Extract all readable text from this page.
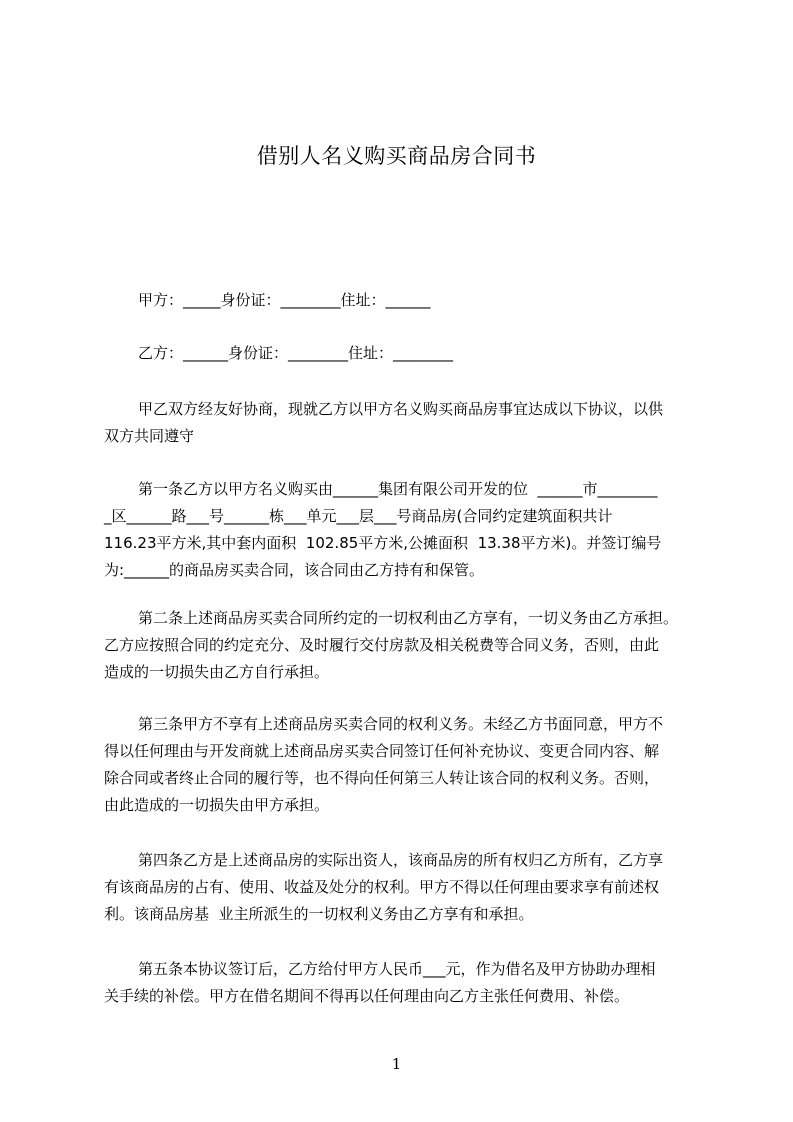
借别人名义购买商品房合同书

甲方：_____身份证：________住址：______

乙方：______身份证：________住址：________

甲乙双方经友好协商，现就乙方以甲方名义购买商品房事宜达成以下协议，以供
双方共同遵守

第一条乙方以甲方名义购买由______集团有限公司开发的位  ______市________
_区______路___号______栋___单元___层___号商品房(合同约定建筑面积共计
116.23平方米,其中套内面积  102.85平方米,公摊面积  13.38平方米)。并签订编号
为:______的商品房买卖合同，该合同由乙方持有和保管。

第二条上述商品房买卖合同所约定的一切权利由乙方享有，一切义务由乙方承担。
乙方应按照合同的约定充分、及时履行交付房款及相关税费等合同义务，否则，由此
造成的一切损失由乙方自行承担。

第三条甲方不享有上述商品房买卖合同的权利义务。未经乙方书面同意，甲方不
得以任何理由与开发商就上述商品房买卖合同签订任何补充协议、变更合同内容、解
除合同或者终止合同的履行等，也不得向任何第三人转让该合同的权利义务。否则，
由此造成的一切损失由甲方承担。

第四条乙方是上述商品房的实际出资人，该商品房的所有权归乙方所有，乙方享
有该商品房的占有、使用、收益及处分的权利。甲方不得以任何理由要求享有前述权
利。该商品房基  业主所派生的一切权利义务由乙方享有和承担。

第五条本协议签订后，乙方给付甲方人民币___元，作为借名及甲方协助办理相
关手续的补偿。甲方在借名期间不得再以任何理由向乙方主张任何费用、补偿。

1
